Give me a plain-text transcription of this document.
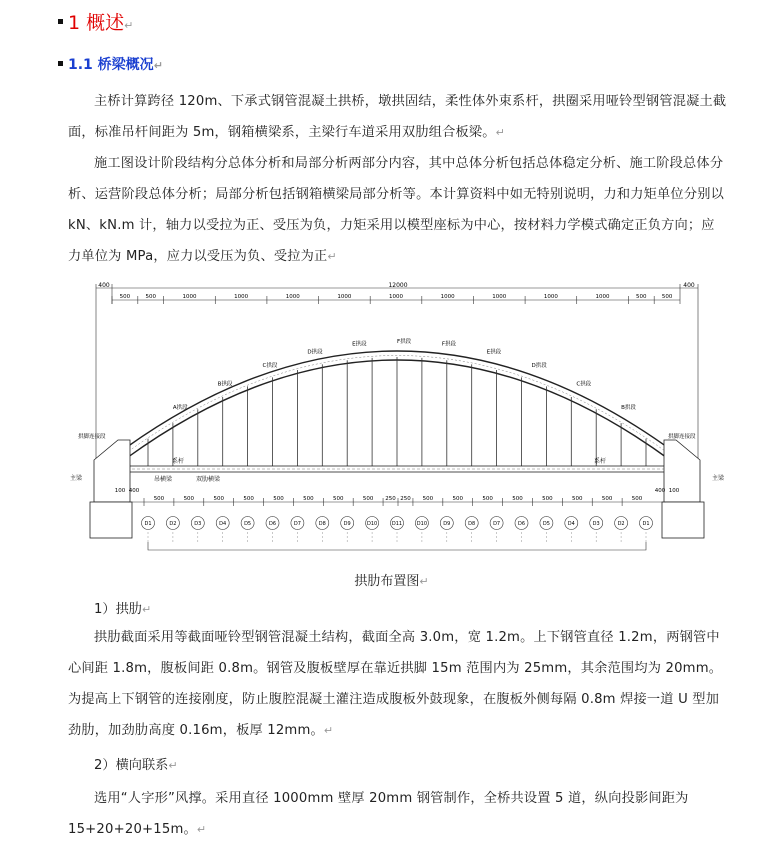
1 概述↵
1.1 桥梁概况↵

主桥计算跨径 120m、下承式钢管混凝土拱桥，墩拱固结，柔性体外束系杆，拱圈采用哑铃型钢管混凝土截面，标准吊杆间距为 5m，钢箱横梁系，主梁行车道采用双肋组合板梁。↵

施工图设计阶段结构分总体分析和局部分析两部分内容，其中总体分析包括总体稳定分析、施工阶段总体分析、运营阶段总体分析；局部分析包括钢箱横梁局部分析等。本计算资料中如无特别说明，力和力矩单位分别以 kN、kN.m 计，轴力以受拉为正、受压为负，力矩采用以模型座标为中心，按材料力学模式确定正负方向；应力单位为 MPa，应力以受压为负、受拉为正↵

12000
400	400
500	500	1000	1000	1000	1000	1000	1000	1000	1000	1000	500	500
500	500	500	500	500	500	500	500 250 250 500	500	500	500	500	500	500	500
100 400	400 100
主梁	主梁
系杆	系杆
吊横梁	双肋横梁
拱脚连接段
A拱段
B拱段
C拱段
D拱段
E拱段	F拱段	F拱段
E拱段
D拱段
C拱段
B拱段
拱脚连接段
D1	D2	D3	D4	D5	D6	D7	D8	D9	D10	D11	D10	D9	D8	D7	D6	D5	D4	D3	D2	D1
拱肋布置图↵
1）拱肋↵

拱肋截面采用等截面哑铃型钢管混凝土结构，截面全高 3.0m，宽 1.2m。上下钢管直径 1.2m，两钢管中心间距 1.8m，腹板间距 0.8m。钢管及腹板壁厚在靠近拱脚 15m 范围内为 25mm，其余范围均为 20mm。为提高上下钢管的连接刚度，防止腹腔混凝土灌注造成腹板外鼓现象，在腹板外侧每隔 0.8m 焊接一道 U 型加劲肋，加劲肋高度 0.16m，板厚 12mm。↵

2）横向联系↵

选用“人字形”风撑。采用直径 1000mm 壁厚 20mm 钢管制作，全桥共设置 5 道，纵向投影间距为 15+20+20+15m。↵
